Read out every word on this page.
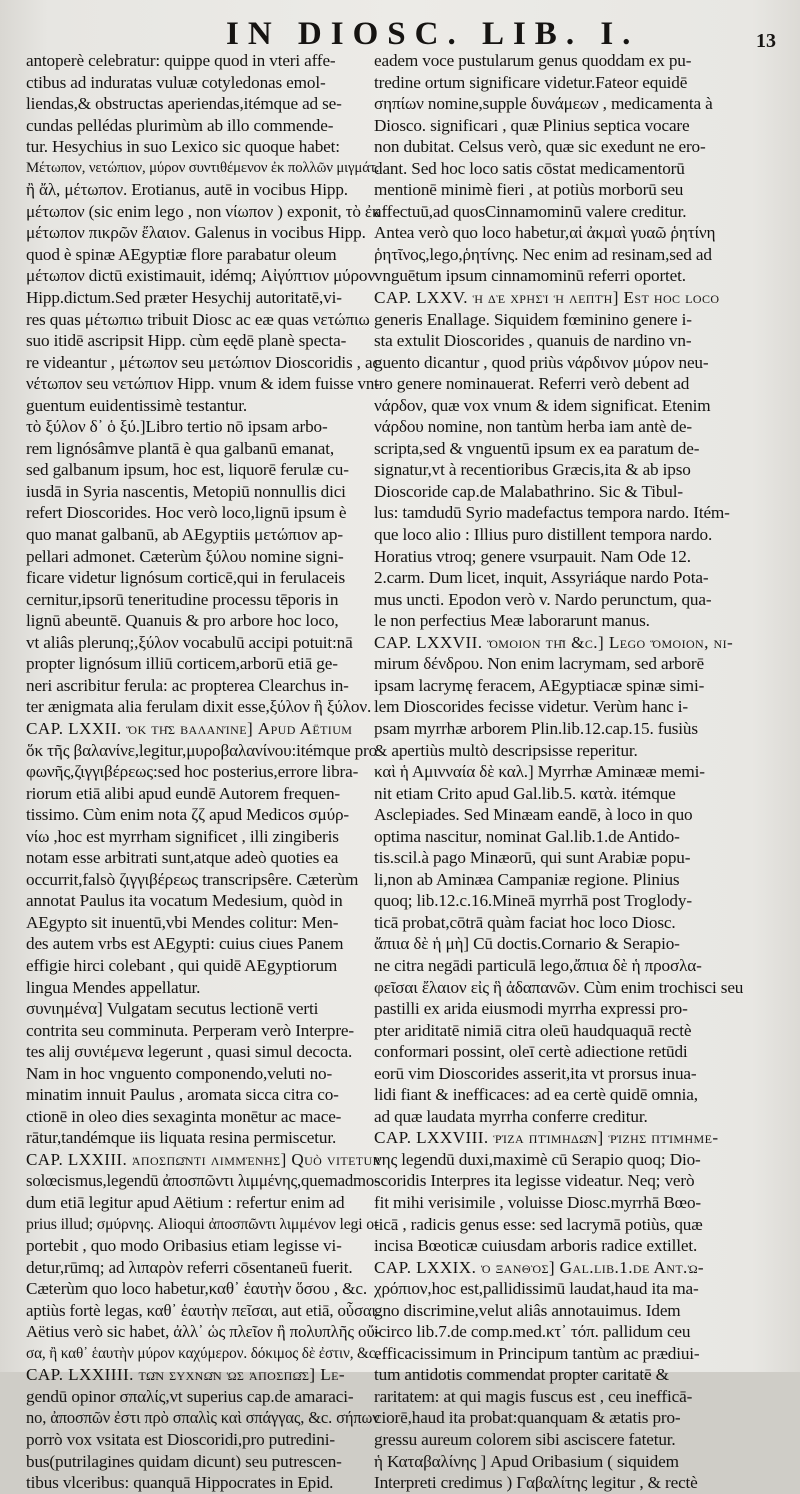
IN DIOSC. LIB. I.	13
antoperè celebratur: quippe quod in vteri affe-
ctibus ad induratas vuluæ cotyledonas emol-
liendas,& obstructas aperiendas,itémque ad se-
cundas pellédas plurimùm ab illo commende-
tur. Hesychius in suo Lexico sic quoque habet:
Μέτωπον, νετώπιον, μύρον συντιθέμενον ἐκ πολλῶν μιγμάτ.
ἢ ἄλ, μέτωπον. Erotianus, autē in vocibus Hipp.
μέτωπον (sic enim lego , non νίωπον ) exponit, τὸ ἐκ
μέτωπον πικρῶν ἔλαιον. Galenus in vocibus Hipp.
quod è spinæ AEgyptiæ flore parabatur oleum
μέτωπον dictū existimauit, idémq; Αἰγύπτιον μύρον
Hipp.dictum.Sed præter Hesychij autoritatē,vi-
res quas μέτωπιω tribuit Diosc ac eæ quas νετώπιω
suo itidē ascripsit Hipp. cùm eędē planè specta-
re videantur , μέτωπον seu μετώπιον Dioscoridis , ac
νέτωπον seu νετώπιον Hipp. vnum & idem fuisse vn-
guentum euidentissimè testantur.
τὸ ξύλον δ᾽ ὁ ξύ.]Libro tertio nō ipsam arbo-
rem lignósâmve plantā è qua galbanū emanat,
sed galbanum ipsum, hoc est, liquorē ferulæ cu-
iusdā in Syria nascentis, Metopiū nonnullis dici
refert Dioscorides. Hoc verò loco,lignū ipsum è
quo manat galbanū, ab AEgyptiis μετώπιον ap-
pellari admonet. Cæterùm ξύλου nomine signi-
ficare videtur lignósum corticē,qui in ferulaceis
cernitur,ipsorū teneritudine processu tēporis in
lignū abeuntē. Quanuis & pro arbore hoc loco,
vt aliâs plerunq;,ξύλον vocabulū accipi potuit:nā
propter lignósum illiū corticem,arborū etiā ge-
neri ascribitur ferula: ac propterea Clearchus in-
ter ænigmata alia ferulam dixit esse,ξύλον ἢ ξύλον.
CAP. LXXII. ὅκ τῆς βαλανίνε] Apud Aëtium
ὅκ τῆς βαλανίνε,legitur,μυροβαλανίνου:itémque pro
φωνῆς,ζιγγιβέρεως:sed hoc posterius,errore libra-
riorum etiā alibi apud eundē Autorem frequen-
tissimo. Cùm enim nota ζζ apud Medicos σμύρ-
νίω ,hoc est myrrham significet , illi zingiberis
notam esse arbitrati sunt,atque adeò quoties ea
occurrit,falsò ζιγγιβέρεως transcripsêre. Cæterùm
annotat Paulus ita vocatum Medesium, quòd in
AEgypto sit inuentū,vbi Mendes colitur: Men-
des autem vrbs est AEgypti: cuius ciues Panem
effigie hirci colebant , qui quidē AEgyptiorum
lingua Mendes appellatur.
συνιημένα] Vulgatam secutus lectionē verti
contrita seu comminuta. Perperam verò Interpre-
tes alij συνιέμενα legerunt , quasi simul decocta.
Nam in hoc vnguento componendo,veluti no-
minatim innuit Paulus , aromata sicca citra co-
ctionē in oleo dies sexaginta monētur ac mace-
rātur,tandémque iis liquata resina permiscetur.
CAP. LXXIII. ἀποσπῶντι λιμμένης] Quò vitetur
solœcismus,legendū ἀποσπῶντι λιμμένης,quemadmo-
dum etiā legitur apud Aëtium : refertur enim ad
prius illud; σμύρνης. Alioqui ἀποσπῶντι λιμμένον legi o-
portebit , quo modo Oribasius etiam legisse vi-
detur,rūmq; ad λιπαρὸν referri cōsentaneū fuerit.
Cæterùm quo loco habetur,καθ᾽ ἑαυτὴν ὅσου , &c.
aptiùs fortè legas, καθ᾽ ἑαυτὴν πεῖσαι, aut etiā, οὗσαι.
Aëtius verò sic habet, ἀλλ᾽ ὡς πλεῖον ἢ πολυπλῆς οὔ-
σα, ἢ καθ᾽ ἑαυτὴν μύρον καχύμερον. δόκιμος δὲ ἐστιν, &c.
CAP. LXXIIII. τῶν συχνῶν ὡς ἀποσπῶς] Le-
gendū opinor σπαλίς,vt superius cap.de amaraci-
no, ἀποσπῶν ἐστι πρὸ σπαλὶς καὶ σπάγγας, &c. σήπων
porrò vox vsitata est Dioscoridi,pro putredini-
bus(putrilagines quidam dicunt) seu putrescen-
tibus vlceribus: quanquā Hippocrates in Epid.
eadem voce pustularum genus quoddam ex pu-
tredine ortum significare videtur.Fateor equidē
σηπίων nomine,supple δυνάμεων , medicamenta à
Diosco. significari , quæ Plinius septica vocare
non dubitat. Celsus verò, quæ sic exedunt ne ero-
dant. Sed hoc loco satis cōstat medicamentorū
mentionē minimè fieri , at potiùs morborū seu
affectuū,ad quosCinnamominū valere creditur.
Antea verò quo loco habetur,αἱ ἀκμαὶ γυαῶ ῥητίνη
ῥητῖνος,lego,ῥητίνης. Nec enim ad resinam,sed ad
vnguētum ipsum cinnamominū referri oportet.
CAP. LXXV. ἡ δὲ χρησὶ ἡ λεπτή] Est hoc loco
generis Enallage. Siquidem fœminino genere i-
sta extulit Dioscorides , quanuis de nardino vn-
guento dicantur , quod priùs νάρδινον μύρον neu-
tro genere nominauerat. Referri verò debent ad
νάρδον, quæ vox vnum & idem significat. Etenim
νάρδου nomine, non tantùm herba iam antè de-
scripta,sed & vnguentū ipsum ex ea paratum de-
signatur,vt à recentioribus Græcis,ita & ab ipso
Dioscoride cap.de Malabathrino. Sic & Tibul-
lus: tamdudū Syrio madefactus tempora nardo. Itém-
que loco alio : Illius puro distillent tempora nardo.
Horatius vtroq; genere vsurpauit. Nam Ode 12.
2.carm. Dum licet, inquit, Assyriáque nardo Pota-
mus uncti. Epodon verò v. Nardo perunctum, qua-
le non perfectius Meæ laborarunt manus.
CAP. LXXVII. ὅμοιον τῇ &c.] Lego ὅμοιον, ni-
mirum δένδρου. Non enim lacrymam, sed arborē
ipsam lacrymę feracem, AEgyptiacæ spinæ simi-
lem Dioscorides fecisse videtur. Verùm hanc i-
psam myrrhæ arborem Plin.lib.12.cap.15. fusiùs
& apertiùs multò descripsisse reperitur.
καὶ ἡ Αμινναία δὲ καλ.] Myrrhæ Aminææ memi-
nit etiam Crito apud Gal.lib.5. κατὰ. itémque
Asclepiades. Sed Minæam eandē, à loco in quo
optima nascitur, nominat Gal.lib.1.de Antido-
tis.scil.à pago Minæorū, qui sunt Arabiæ popu-
li,non ab Aminæa Campaniæ regione. Plinius
quoq; lib.12.c.16.Mineā myrrhā post Troglody-
ticā probat,cōtrā quàm faciat hoc loco Diosc.
ἄπιια δὲ ἡ μὴ] Cū doctis.Cornario & Serapio-
ne citra negādi particulā lego,ἄπιια δὲ ἡ προσλα-
φεῖσαι ἔλαιον εἰς ἣ ἀδαπανῶν. Cùm enim trochisci seu
pastilli ex arida eiusmodi myrrha expressi pro-
pter ariditatē nimiā citra oleū haudquaquā rectè
conformari possint, oleī certè adiectione retūdi
eorū vim Dioscorides asserit,ita vt prorsus inua-
lidi fiant & inefficaces: ad ea certè quidē omnia,
ad quæ laudata myrrha conferre creditur.
CAP. LXXVIII. ῥίζα πτίμηδῶν] ῥίζης πτίμημε-
νης legendū duxi,maximè cū Serapio quoq; Dio-
scoridis Interpres ita legisse videatur. Neq; verò
fit mihi verisimile , voluisse Diosc.myrrhā Bœo-
ticā , radicis genus esse: sed lacrymā potiùs, quæ
incisa Bœoticæ cuiusdam arboris radice extillet.
CAP. LXXIX. ὁ ξανθὸς] Gal.lib.1.de Ant.ὡ-
χρόπιον,hoc est,pallidissimū laudat,haud ita ma-
gno discrimine,velut aliâs annotauimus. Idem
icirco lib.7.de comp.med.κτ᾽ τόπ. pallidum ceu
efficacissimum in Principum tantùm ac prædiui-
tum antidotis commendat propter caritatē &
raritatem: at qui magis fuscus est , ceu inefficā-
ciorē,haud ita probat:quanquam & ætatis pro-
gressu aureum colorem sibi ascisc​ere fatetur.
ἡ Καταβαλίνης ] Apud Oribasium ( siquidem
Interpreti credimus ) Γαβαλίτης legitur , & rectè
